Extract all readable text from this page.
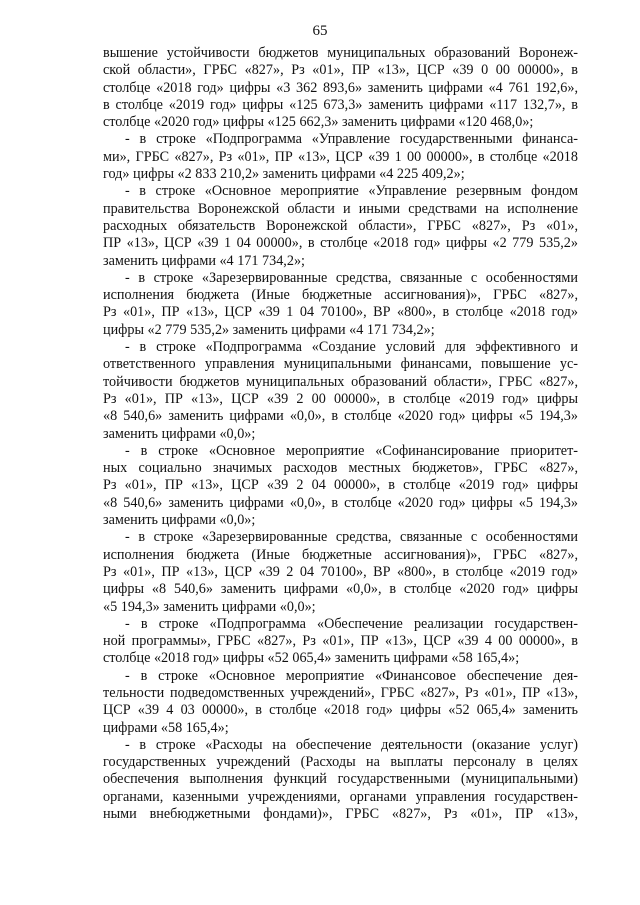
65
вышение устойчивости бюджетов муниципальных образований Воронеж-
ской области», ГРБС «827», Рз «01», ПР «13», ЦСР «39 0 00 00000», в
столбце «2018 год» цифры «3 362 893,6» заменить цифрами «4 761 192,6»,
в столбце «2019 год» цифры «125 673,3» заменить цифрами «117 132,7», в
столбце «2020 год» цифры «125 662,3» заменить цифрами «120 468,0»;
- в строке «Подпрограмма «Управление государственными финанса-
ми», ГРБС «827», Рз «01», ПР «13», ЦСР «39 1 00 00000», в столбце «2018
год» цифры «2 833 210,2» заменить цифрами «4 225 409,2»;
- в строке «Основное мероприятие «Управление резервным фондом
правительства Воронежской области и иными средствами на исполнение
расходных обязательств Воронежской области», ГРБС «827», Рз «01»,
ПР «13», ЦСР «39 1 04 00000», в столбце «2018 год» цифры «2 779 535,2»
заменить цифрами «4 171 734,2»;
- в строке «Зарезервированные средства, связанные с особенностями
исполнения бюджета (Иные бюджетные ассигнования)», ГРБС «827»,
Рз «01», ПР «13», ЦСР «39 1 04 70100», ВР «800», в столбце «2018 год»
цифры «2 779 535,2» заменить цифрами «4 171 734,2»;
- в строке «Подпрограмма «Создание условий для эффективного и
ответственного управления муниципальными финансами, повышение ус-
тойчивости бюджетов муниципальных образований области», ГРБС «827»,
Рз «01», ПР «13», ЦСР «39 2 00 00000», в столбце «2019 год» цифры
«8 540,6» заменить цифрами «0,0», в столбце «2020 год» цифры «5 194,3»
заменить цифрами «0,0»;
- в строке «Основное мероприятие «Софинансирование приоритет-
ных социально значимых расходов местных бюджетов», ГРБС «827»,
Рз «01», ПР «13», ЦСР «39 2 04 00000», в столбце «2019 год» цифры
«8 540,6» заменить цифрами «0,0», в столбце «2020 год» цифры «5 194,3»
заменить цифрами «0,0»;
- в строке «Зарезервированные средства, связанные с особенностями
исполнения бюджета (Иные бюджетные ассигнования)», ГРБС «827»,
Рз «01», ПР «13», ЦСР «39 2 04 70100», ВР «800», в столбце «2019 год»
цифры «8 540,6» заменить цифрами «0,0», в столбце «2020 год» цифры
«5 194,3» заменить цифрами «0,0»;
- в строке «Подпрограмма «Обеспечение реализации государствен-
ной программы», ГРБС «827», Рз «01», ПР «13», ЦСР «39 4 00 00000», в
столбце «2018 год» цифры «52 065,4» заменить цифрами «58 165,4»;
- в строке «Основное мероприятие «Финансовое обеспечение дея-
тельности подведомственных учреждений», ГРБС «827», Рз «01», ПР «13»,
ЦСР «39 4 03 00000», в столбце «2018 год» цифры «52 065,4» заменить
цифрами «58 165,4»;
- в строке «Расходы на обеспечение деятельности (оказание услуг)
государственных учреждений (Расходы на выплаты персоналу в целях
обеспечения выполнения функций государственными (муниципальными)
органами, казенными учреждениями, органами управления государствен-
ными внебюджетными фондами)», ГРБС «827», Рз «01», ПР «13»,
